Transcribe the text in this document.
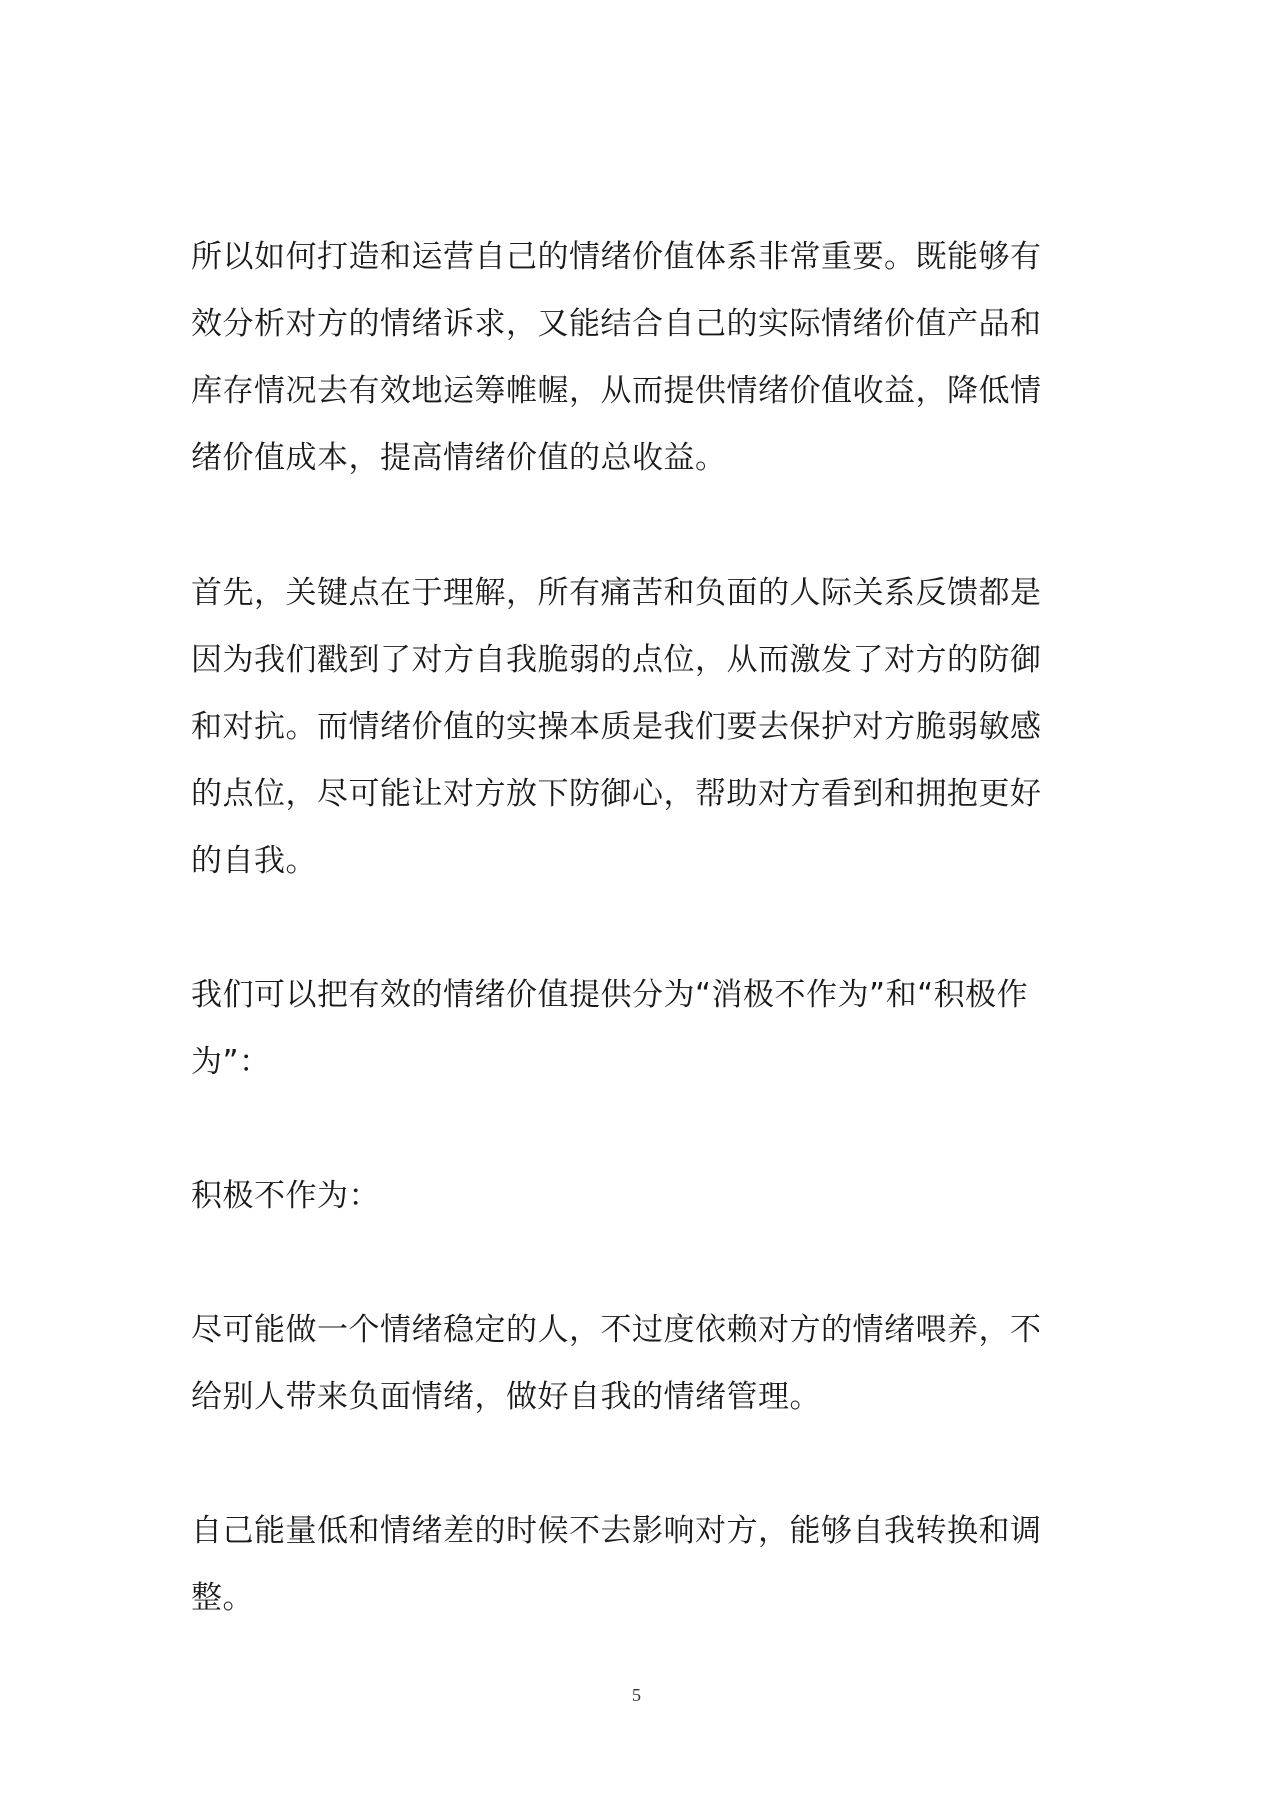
所以如何打造和运营自己的情绪价值体系非常重要。既能够有
效分析对方的情绪诉求，又能结合自己的实际情绪价值产品和
库存情况去有效地运筹帷幄，从而提供情绪价值收益，降低情
绪价值成本，提高情绪价值的总收益。

首先，关键点在于理解，所有痛苦和负面的人际关系反馈都是
因为我们戳到了对方自我脆弱的点位，从而激发了对方的防御
和对抗。而情绪价值的实操本质是我们要去保护对方脆弱敏感
的点位，尽可能让对方放下防御心，帮助对方看到和拥抱更好
的自我。

我们可以把有效的情绪价值提供分为“消极不作为”和“积极作
为”：

积极不作为：

尽可能做一个情绪稳定的人，不过度依赖对方的情绪喂养，不
给别人带来负面情绪，做好自我的情绪管理。

自己能量低和情绪差的时候不去影响对方，能够自我转换和调
整。

5
